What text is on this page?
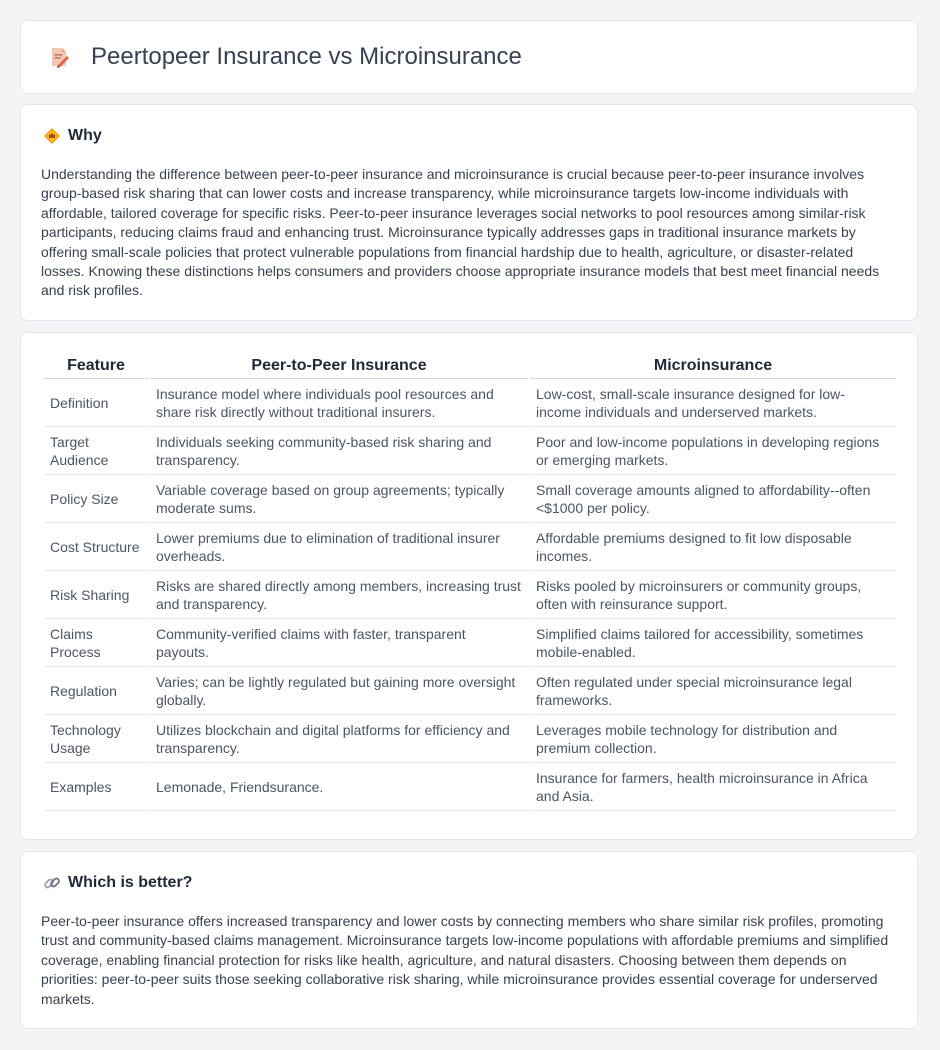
Peertopeer Insurance vs Microinsurance
Why

Understanding the difference between peer-to-peer insurance and microinsurance is crucial because peer-to-peer insurance involves group-based risk sharing that can lower costs and increase transparency, while microinsurance targets low-income individuals with affordable, tailored coverage for specific risks. Peer-to-peer insurance leverages social networks to pool resources among similar-risk participants, reducing claims fraud and enhancing trust. Microinsurance typically addresses gaps in traditional insurance markets by offering small-scale policies that protect vulnerable populations from financial hardship due to health, agriculture, or disaster-related losses. Knowing these distinctions helps consumers and providers choose appropriate insurance models that best meet financial needs and risk profiles.

Feature	Peer-to-Peer Insurance	Microinsurance
Definition	Insurance model where individuals pool resources and share risk directly without traditional insurers.	Low-cost, small-scale insurance designed for low-income individuals and underserved markets.
Target Audience	Individuals seeking community-based risk sharing and transparency.	Poor and low-income populations in developing regions or emerging markets.
Policy Size	Variable coverage based on group agreements; typically moderate sums.	Small coverage amounts aligned to affordability--often <$1000 per policy.
Cost Structure	Lower premiums due to elimination of traditional insurer overheads.	Affordable premiums designed to fit low disposable incomes.
Risk Sharing	Risks are shared directly among members, increasing trust and transparency.	Risks pooled by microinsurers or community groups, often with reinsurance support.
Claims Process	Community-verified claims with faster, transparent payouts.	Simplified claims tailored for accessibility, sometimes mobile-enabled.
Regulation	Varies; can be lightly regulated but gaining more oversight globally.	Often regulated under special microinsurance legal frameworks.
Technology Usage	Utilizes blockchain and digital platforms for efficiency and transparency.	Leverages mobile technology for distribution and premium collection.
Examples	Lemonade, Friendsurance.	Insurance for farmers, health microinsurance in Africa and Asia.
Which is better?

Peer-to-peer insurance offers increased transparency and lower costs by connecting members who share similar risk profiles, promoting trust and community-based claims management. Microinsurance targets low-income populations with affordable premiums and simplified coverage, enabling financial protection for risks like health, agriculture, and natural disasters. Choosing between them depends on priorities: peer-to-peer suits those seeking collaborative risk sharing, while microinsurance provides essential coverage for underserved markets.
